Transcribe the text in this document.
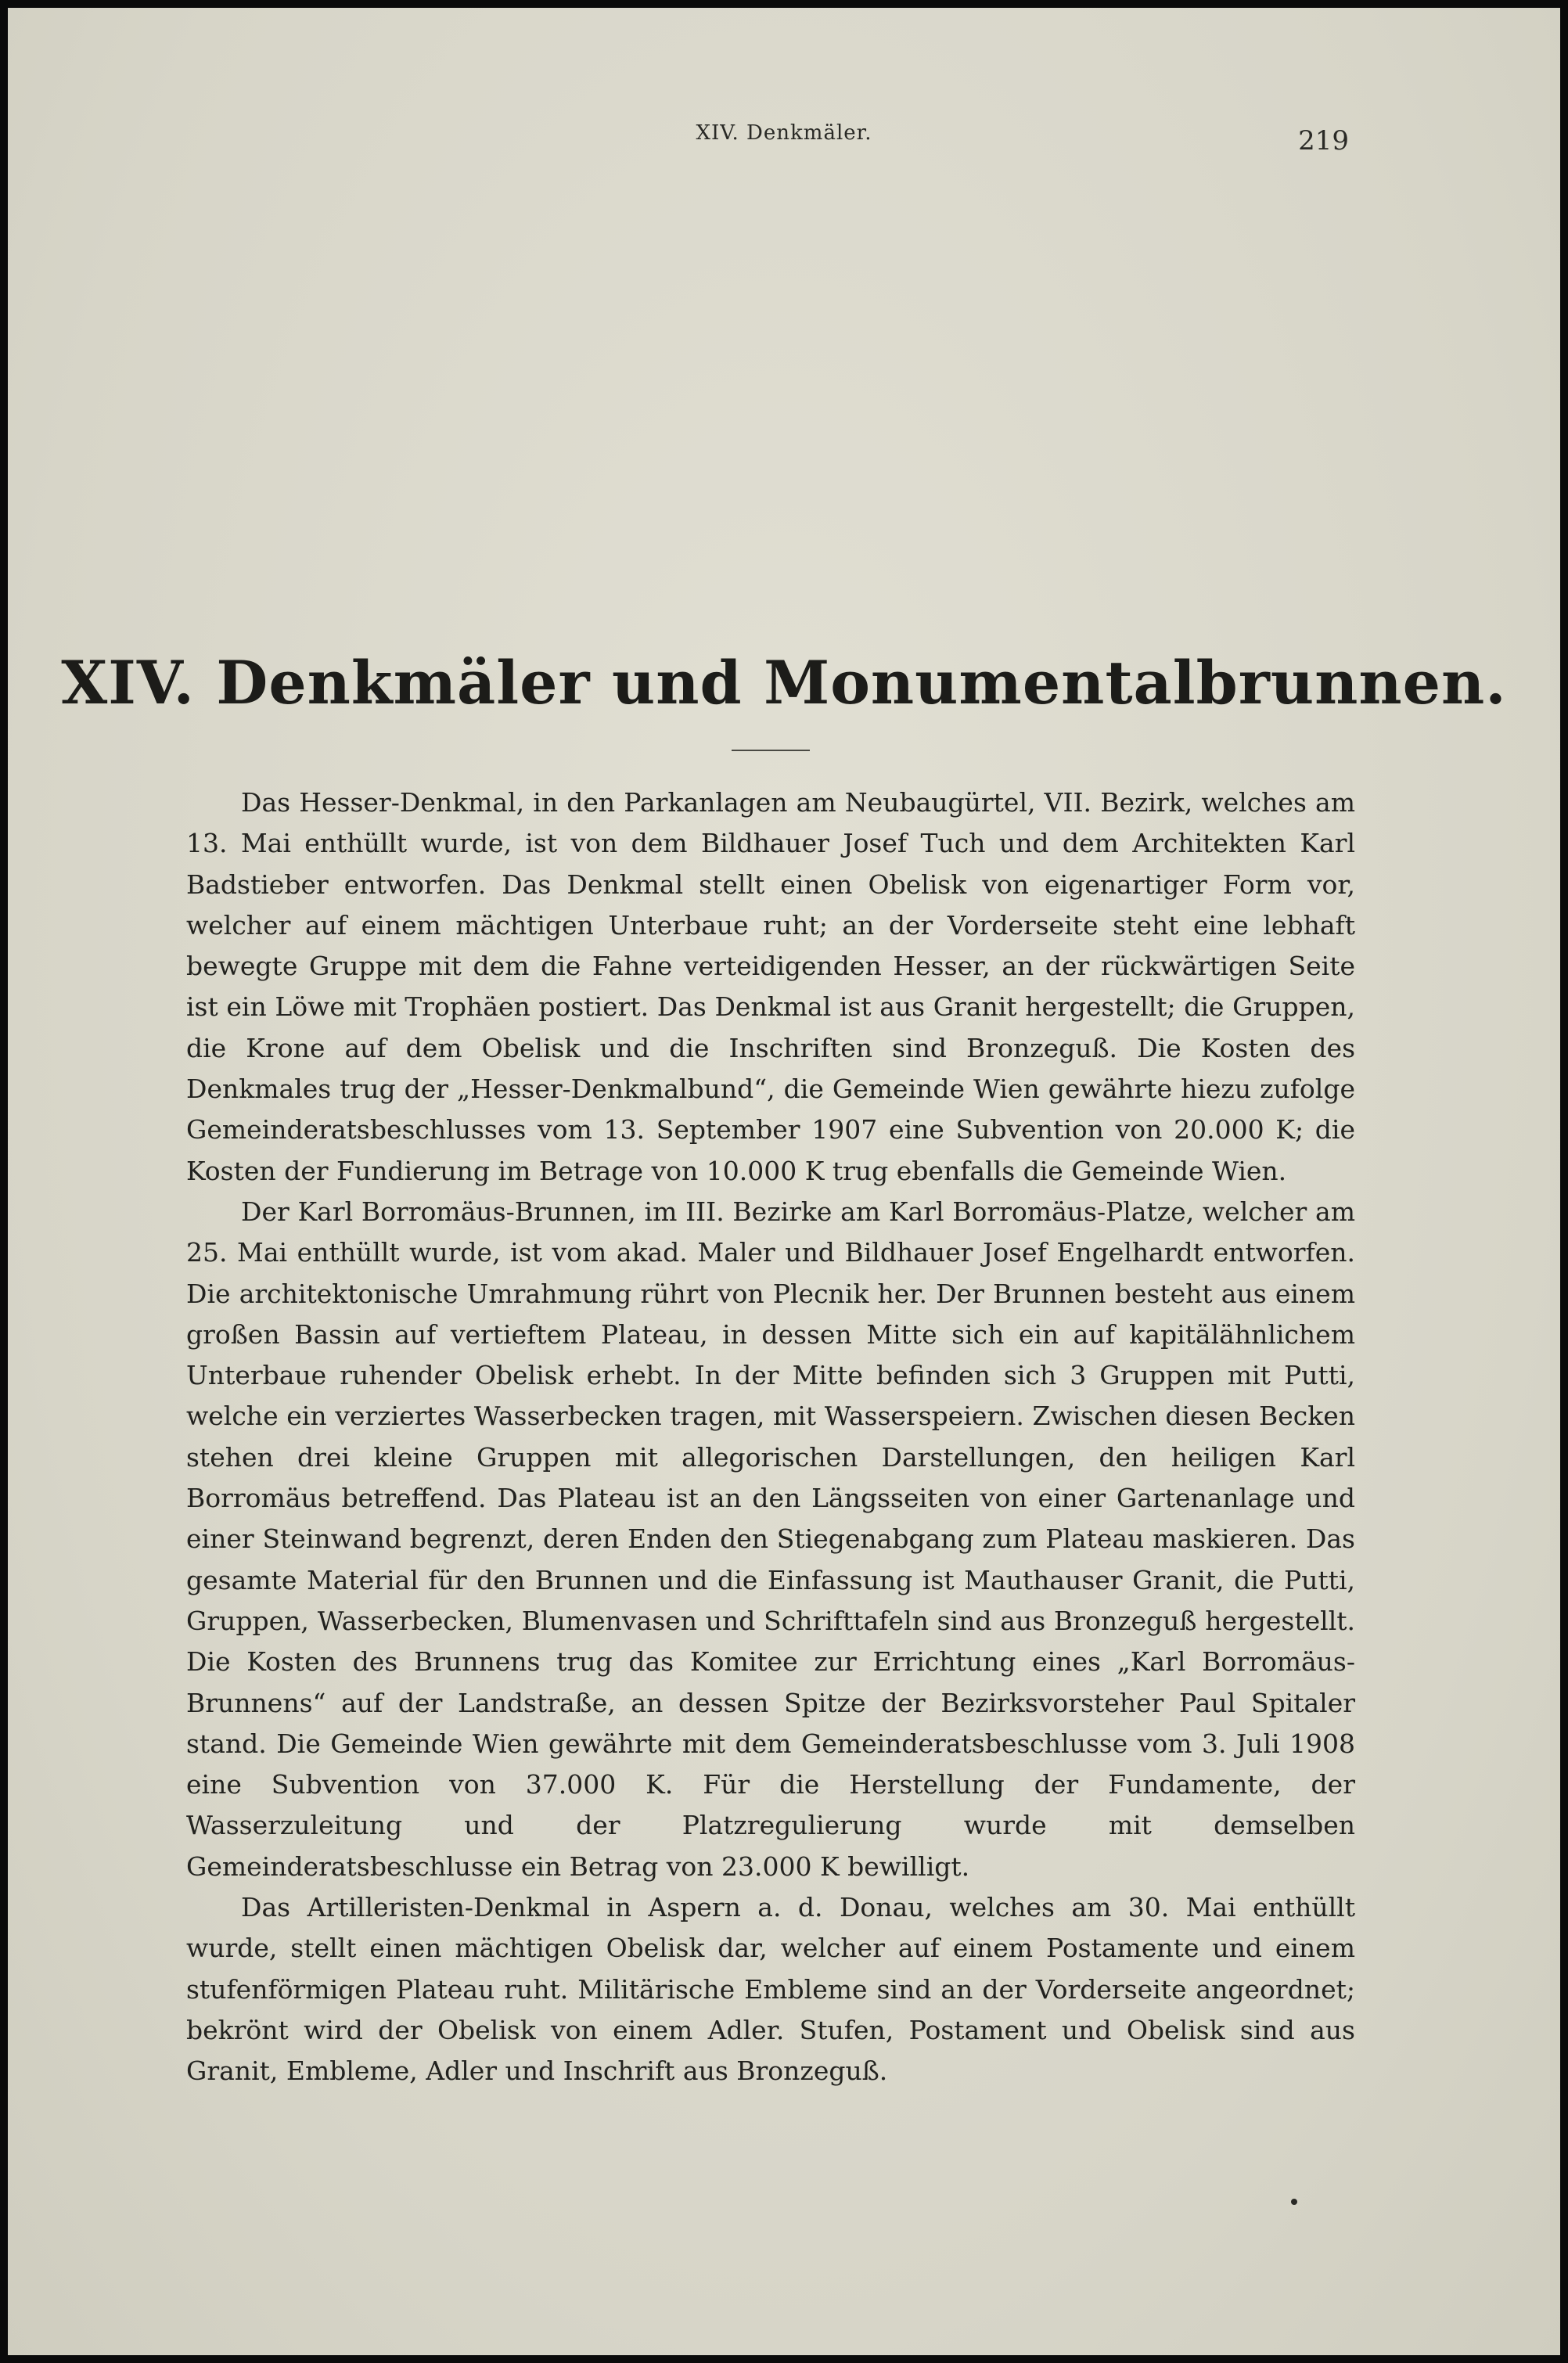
XIV. Denkmäler.	219
XIV. Denkmäler und Monumentalbrunnen.

Das Hesser-Denkmal, in den Parkanlagen am Neubaugürtel, VII. Bezirk, welches am 13. Mai enthüllt wurde, ist von dem Bildhauer Josef Tuch und dem Architekten Karl Badstieber entworfen. Das Denkmal stellt einen Obelisk von eigenartiger Form vor, welcher auf einem mächtigen Unterbaue ruht; an der Vorderseite steht eine lebhaft bewegte Gruppe mit dem die Fahne verteidigenden Hesser, an der rückwärtigen Seite ist ein Löwe mit Trophäen postiert. Das Denkmal ist aus Granit hergestellt; die Gruppen, die Krone auf dem Obelisk und die Inschriften sind Bronzeguß. Die Kosten des Denkmales trug der „Hesser-Denkmalbund“, die Gemeinde Wien gewährte hiezu zufolge Gemeinderatsbeschlusses vom 13. September 1907 eine Subvention von 20.000 K; die Kosten der Fundierung im Betrage von 10.000 K trug ebenfalls die Gemeinde Wien.

Der Karl Borromäus-Brunnen, im III. Bezirke am Karl Borromäus-Platze, welcher am 25. Mai enthüllt wurde, ist vom akad. Maler und Bildhauer Josef Engelhardt entworfen. Die architektonische Umrahmung rührt von Plecnik her. Der Brunnen besteht aus einem großen Bassin auf vertieftem Plateau, in dessen Mitte sich ein auf kapitälähnlichem Unterbaue ruhender Obelisk erhebt. In der Mitte befinden sich 3 Gruppen mit Putti, welche ein verziertes Wasserbecken tragen, mit Wasserspeiern. Zwischen diesen Becken stehen drei kleine Gruppen mit allegorischen Darstellungen, den heiligen Karl Borromäus betreffend. Das Plateau ist an den Längsseiten von einer Gartenanlage und einer Steinwand begrenzt, deren Enden den Stiegenabgang zum Plateau maskieren. Das gesamte Material für den Brunnen und die Einfassung ist Mauthauser Granit, die Putti, Gruppen, Wasserbecken, Blumenvasen und Schrifttafeln sind aus Bronzeguß hergestellt. Die Kosten des Brunnens trug das Komitee zur Errichtung eines „Karl Borromäus-Brunnens“ auf der Landstraße, an dessen Spitze der Bezirksvorsteher Paul Spitaler stand. Die Gemeinde Wien gewährte mit dem Gemeinderatsbeschlusse vom 3. Juli 1908 eine Subvention von 37.000 K. Für die Herstellung der Fundamente, der Wasserzuleitung und der Platzregulierung wurde mit demselben Gemeinderatsbeschlusse ein Betrag von 23.000 K bewilligt.

Das Artilleristen-Denkmal in Aspern a. d. Donau, welches am 30. Mai enthüllt wurde, stellt einen mächtigen Obelisk dar, welcher auf einem Postamente und einem stufenförmigen Plateau ruht. Militärische Embleme sind an der Vorderseite angeordnet; bekrönt wird der Obelisk von einem Adler. Stufen, Postament und Obelisk sind aus Granit, Embleme, Adler und Inschrift aus Bronzeguß.
